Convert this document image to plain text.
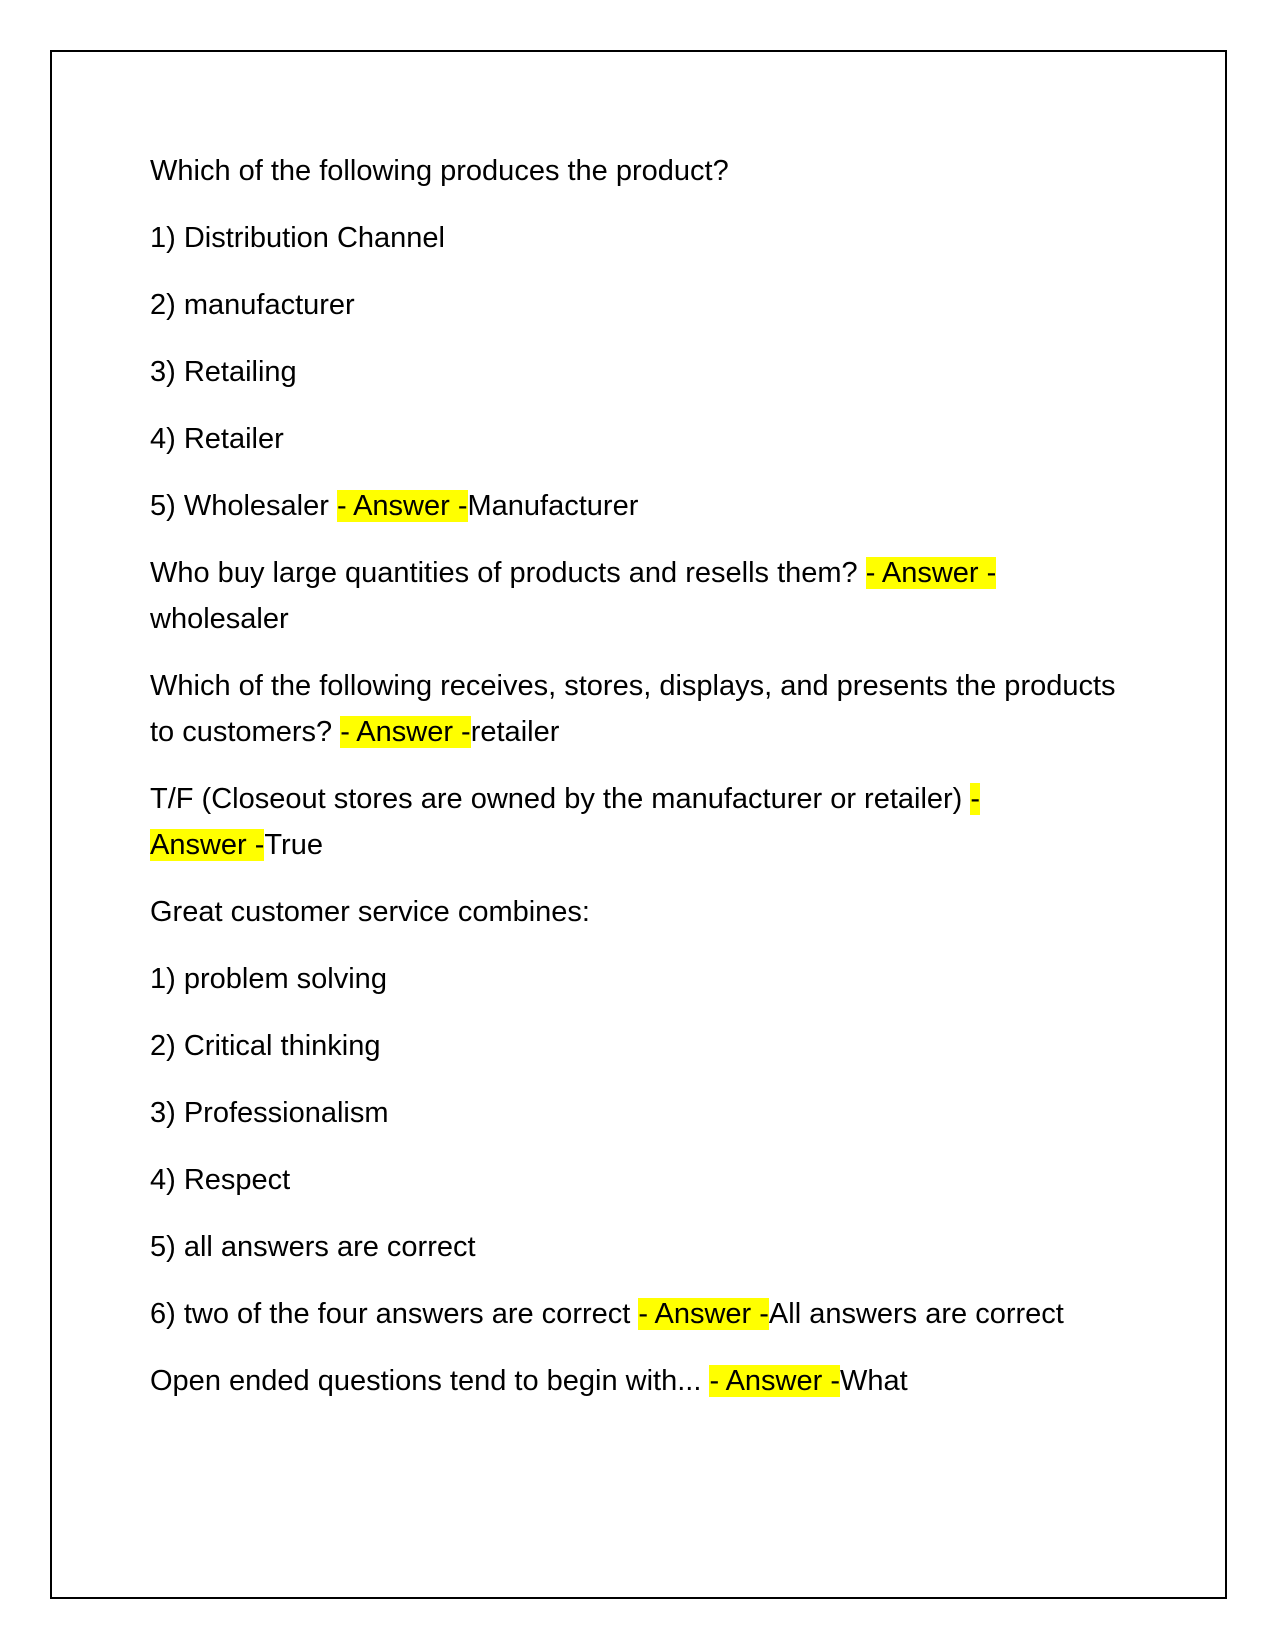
Which of the following produces the product?

1) Distribution Channel

2) manufacturer

3) Retailing

4) Retailer

5) Wholesaler - Answer -Manufacturer

Who buy large quantities of products and resells them? - Answer -
wholesaler

Which of the following receives, stores, displays, and presents the products to customers? - Answer -retailer

T/F (Closeout stores are owned by the manufacturer or retailer) -
Answer -True

Great customer service combines:

1) problem solving

2) Critical thinking

3) Professionalism

4) Respect

5) all answers are correct

6) two of the four answers are correct - Answer -All answers are correct

Open ended questions tend to begin with... - Answer -What
